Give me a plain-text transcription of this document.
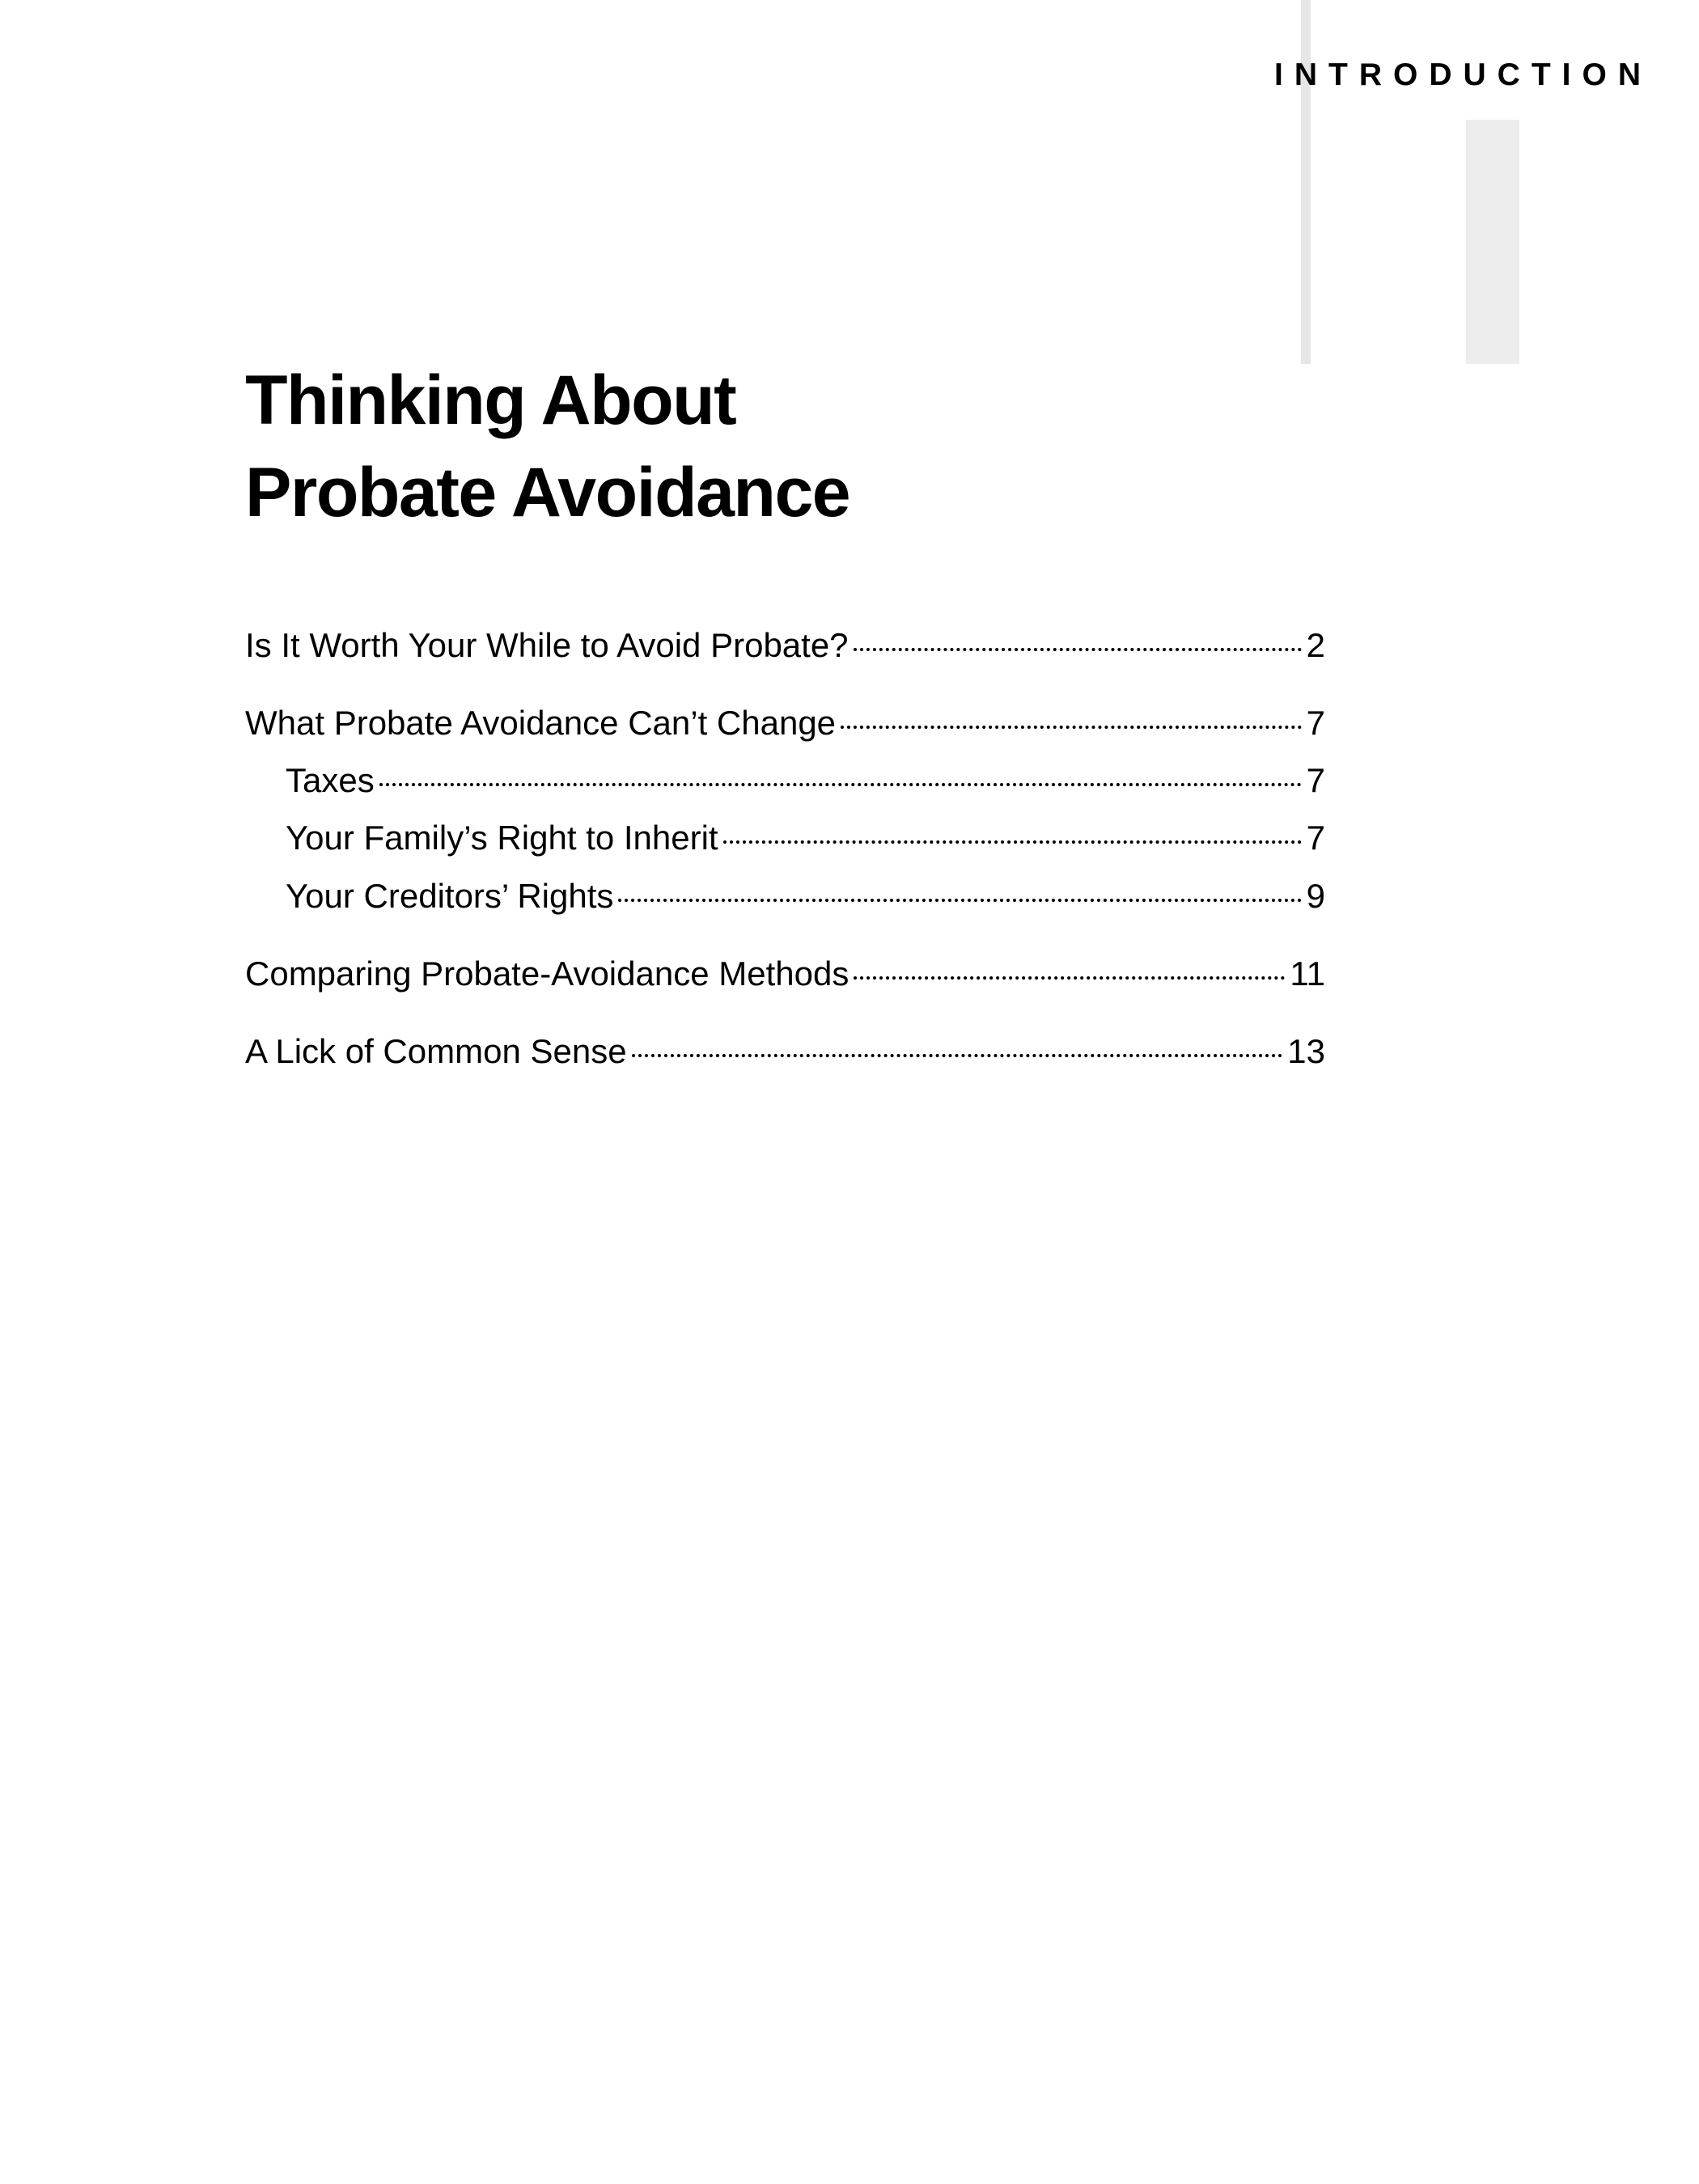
INTRODUCTION
Thinking About
Probate Avoidance
Is It Worth Your While to Avoid Probate?	2
What Probate Avoidance Can’t Change	7
Taxes	7
Your Family’s Right to Inherit	7
Your Creditors’ Rights	9
Comparing Probate-Avoidance Methods	11
A Lick of Common Sense	13
